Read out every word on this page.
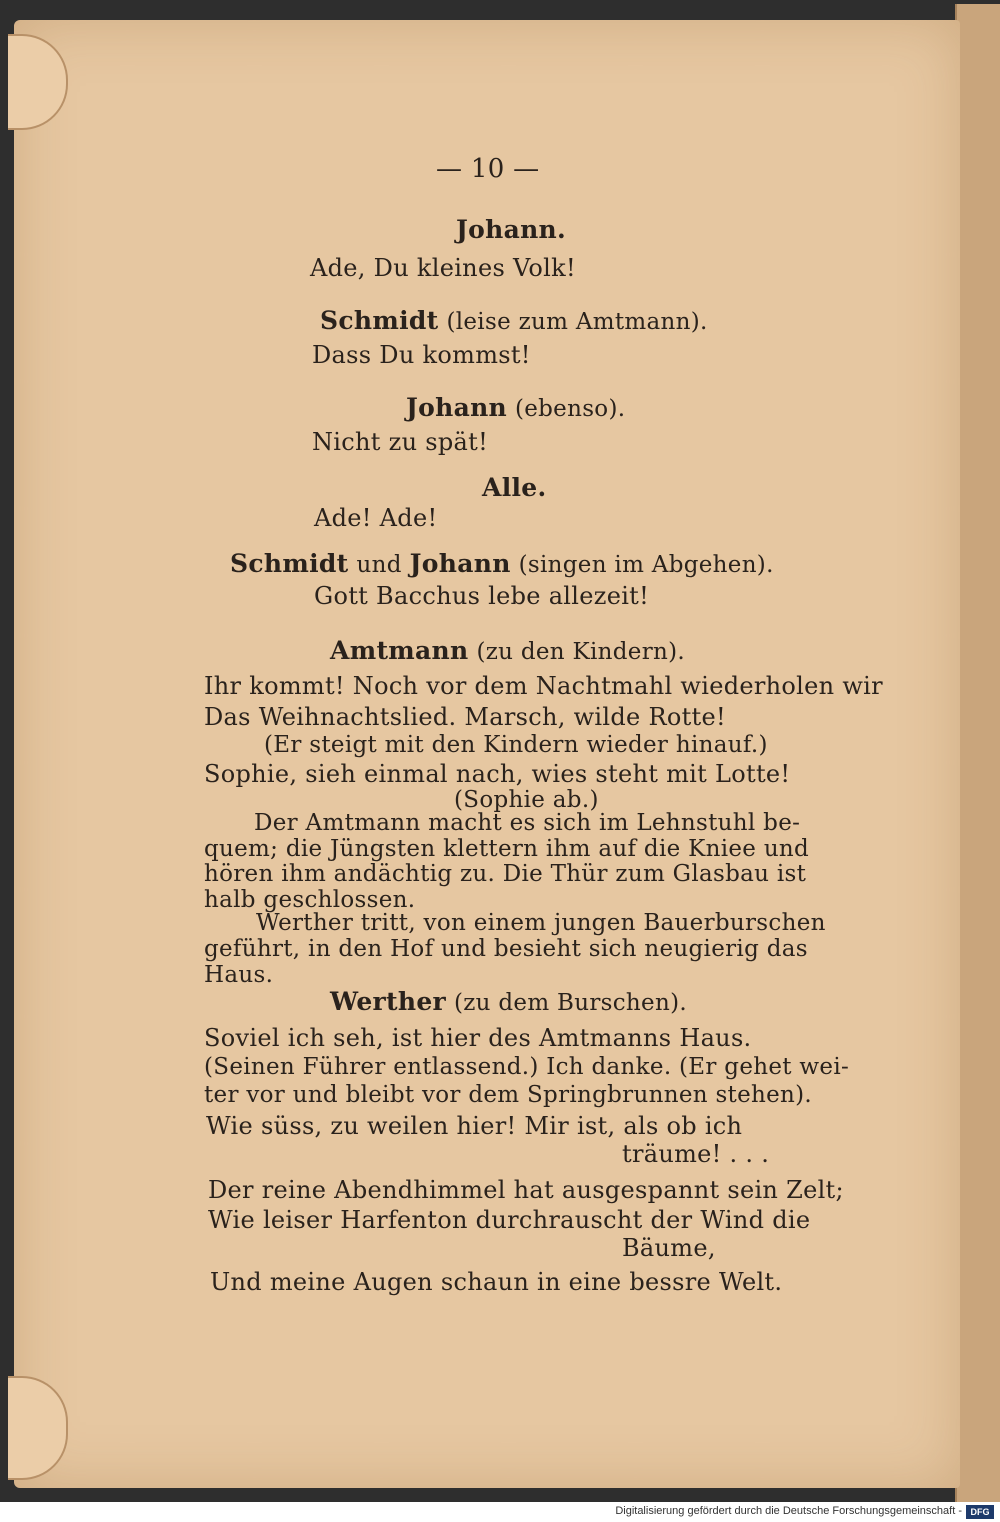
— 10 —
Johann.
Ade, Du kleines Volk!
Schmidt (leise zum Amtmann).
Dass Du kommst!
Johann (ebenso).
Nicht zu spät!
Alle.
Ade! Ade!
Schmidt und Johann (singen im Abgehen).
Gott Bacchus lebe allezeit!
Amtmann (zu den Kindern).
Ihr kommt! Noch vor dem Nachtmahl wiederholen wir
Das Weihnachtslied. Marsch, wilde Rotte!
(Er steigt mit den Kindern wieder hinauf.)
Sophie, sieh einmal nach, wies steht mit Lotte!
(Sophie ab.)
Der Amtmann macht es sich im Lehnstuhl be-
quem; die Jüngsten klettern ihm auf die Kniee und
hören ihm andächtig zu. Die Thür zum Glasbau ist
halb geschlossen.
Werther tritt, von einem jungen Bauerburschen
geführt, in den Hof und besieht sich neugierig das
Haus.
Werther (zu dem Burschen).
Soviel ich seh, ist hier des Amtmanns Haus.
(Seinen Führer entlassend.) Ich danke. (Er gehet wei-
ter vor und bleibt vor dem Springbrunnen stehen).
Wie süss, zu weilen hier! Mir ist, als ob ich
träume! . . .
Der reine Abendhimmel hat ausgespannt sein Zelt;
Wie leiser Harfenton durchrauscht der Wind die
Bäume,
Und meine Augen schaun in eine bessre Welt.
Digitalisierung gefördert durch die Deutsche Forschungsgemeinschaft - DFG
